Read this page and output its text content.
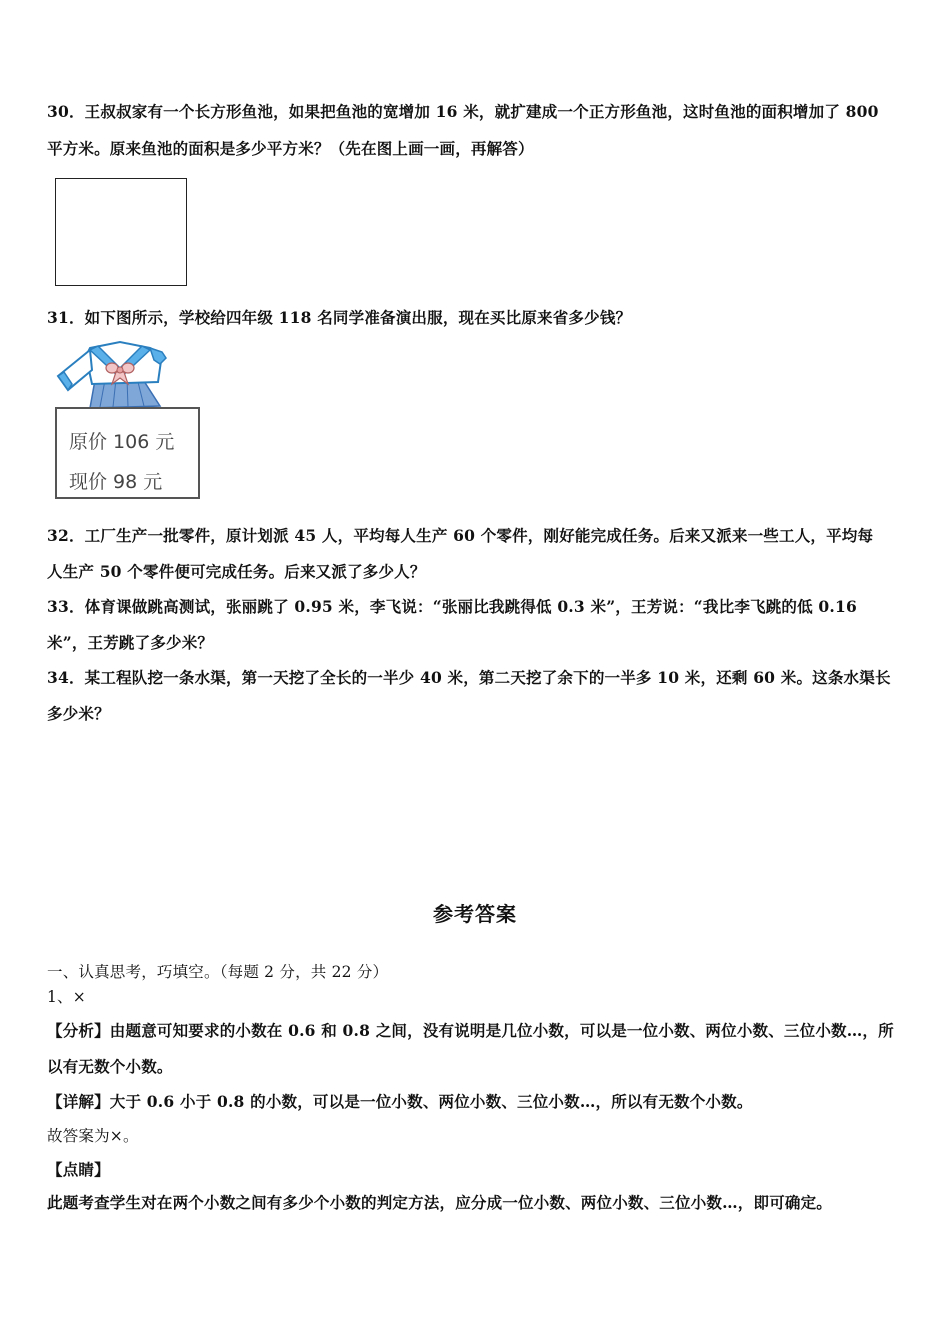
30．王叔叔家有一个长方形鱼池，如果把鱼池的宽增加 16 米，就扩建成一个正方形鱼池，这时鱼池的面积增加了 800
平方米。原来鱼池的面积是多少平方米？（先在图上画一画，再解答）
31．如下图所示，学校给四年级 118 名同学准备演出服，现在买比原来省多少钱？
原价 106 元
现价 98 元
32．工厂生产一批零件，原计划派 45 人，平均每人生产 60 个零件，刚好能完成任务。后来又派来一些工人，平均每
人生产 50 个零件便可完成任务。后来又派了多少人？
33．体育课做跳高测试，张丽跳了 0.95 米，李飞说：“张丽比我跳得低 0.3 米”，王芳说：“我比李飞跳的低 0.16
米”，王芳跳了多少米？
34．某工程队挖一条水渠，第一天挖了全长的一半少 40 米，第二天挖了余下的一半多 10 米，还剩 60 米。这条水渠长
多少米？
参考答案
一、认真思考，巧填空。（每题 2 分，共 22 分）
1、×
【分析】由题意可知要求的小数在 0.6 和 0.8 之间，没有说明是几位小数，可以是一位小数、两位小数、三位小数…，所
以有无数个小数。
【详解】大于 0.6 小于 0.8 的小数，可以是一位小数、两位小数、三位小数…，所以有无数个小数。
故答案为×。
【点睛】
此题考查学生对在两个小数之间有多少个小数的判定方法，应分成一位小数、两位小数、三位小数…，即可确定。
